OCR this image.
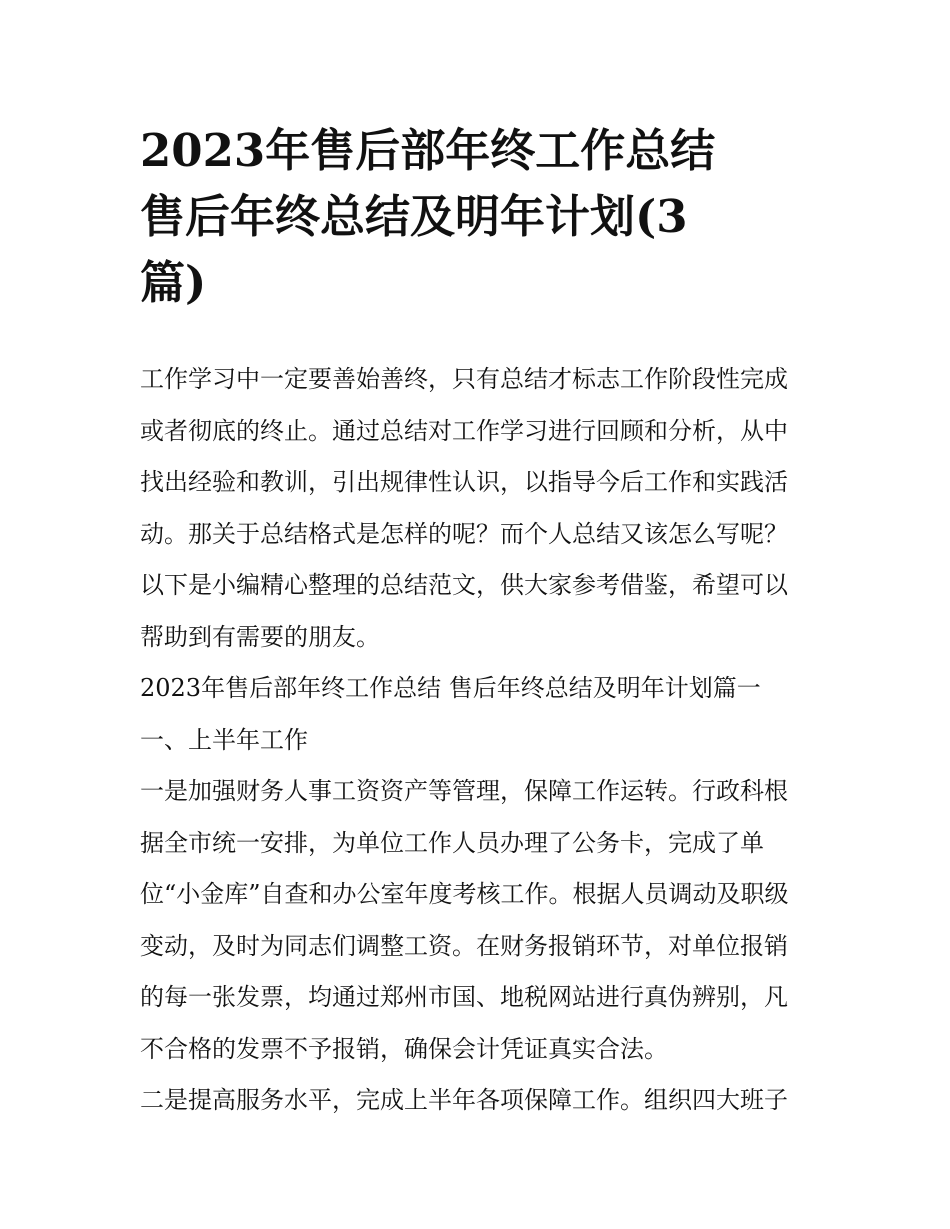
2023年售后部年终工作总结
售后年终总结及明年计划(3
篇)
工作学习中一定要善始善终，只有总结才标志工作阶段性完成
或者彻底的终止。通过总结对工作学习进行回顾和分析，从中
找出经验和教训，引出规律性认识，以指导今后工作和实践活
动。那关于总结格式是怎样的呢？而个人总结又该怎么写呢？
以下是小编精心整理的总结范文，供大家参考借鉴，希望可以
帮助到有需要的朋友。
2023年售后部年终工作总结 售后年终总结及明年计划篇一
一、上半年工作
一是加强财务人事工资资产等管理，保障工作运转。行政科根
据全市统一安排，为单位工作人员办理了公务卡，完成了单
位“小金库”自查和办公室年度考核工作。根据人员调动及职级
变动，及时为同志们调整工资。在财务报销环节，对单位报销
的每一张发票，均通过郑州市国、地税网站进行真伪辨别，凡
不合格的发票不予报销，确保会计凭证真实合法。
二是提高服务水平，完成上半年各项保障工作。组织四大班子
